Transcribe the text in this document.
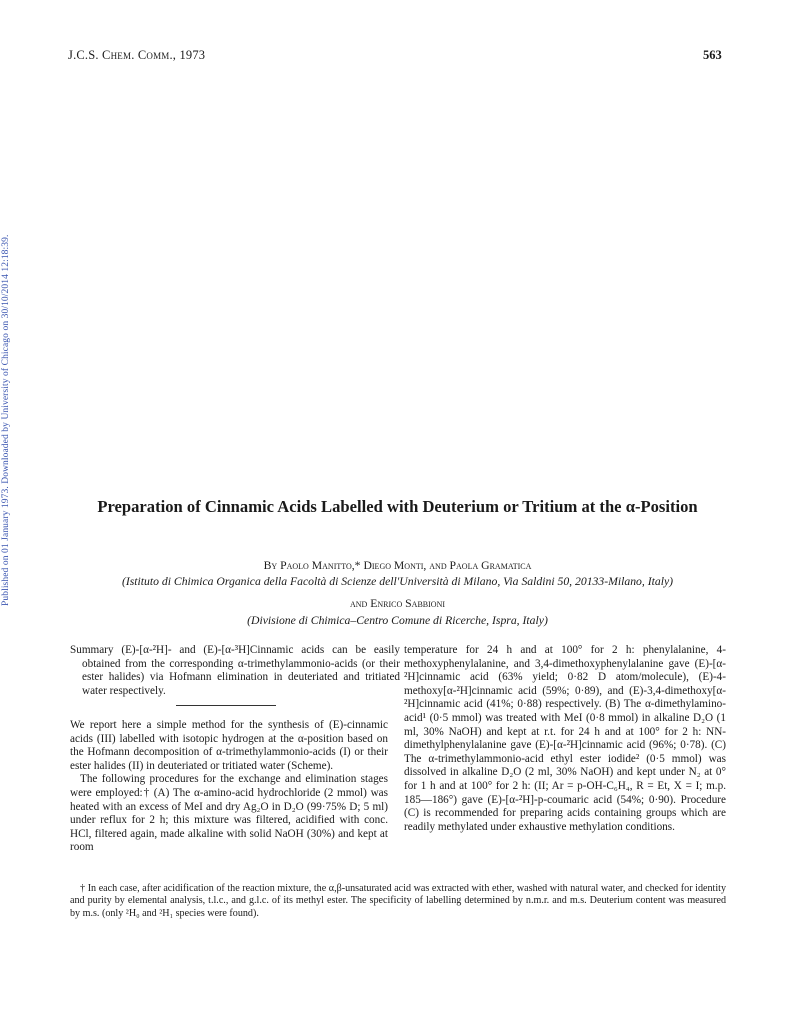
J.C.S. Chem. Comm., 1973	563
Published on 01 January 1973. Downloaded by University of Chicago on 30/10/2014 12:18:39.	Preparation of Cinnamic Acids Labelled with Deuterium or Tritium at the α-Position
By Paolo Manitto,* Diego Monti, and Paola Gramatica
(Istituto di Chimica Organica della Facoltà di Scienze dell'Università di Milano, Via Saldini 50, 20133-Milano, Italy)
and Enrico Sabbioni
(Divisione di Chimica–Centro Comune di Ricerche, Ispra, Italy)
Summary (E)-[α-²H]- and (E)-[α-³H]Cinnamic acids can be easily obtained from the corresponding α-trimethylammonio-acids (or their ester halides) via Hofmann elimination in deuteriated and tritiated water respectively.

We report here a simple method for the synthesis of (E)-cinnamic acids (III) labelled with isotopic hydrogen at the α-position based on the Hofmann decomposition of α-trimethylammonio-acids (I) or their ester halides (II) in deuteriated or tritiated water (Scheme).

The following procedures for the exchange and elimination stages were employed:† (A) The α-amino-acid hydrochloride (2 mmol) was heated with an excess of MeI and dry Ag₂O in D₂O (99·75% D; 5 ml) under reflux for 2 h; this mixture was filtered, acidified with conc. HCl, filtered again, made alkaline with solid NaOH (30%) and kept at room

temperature for 24 h and at 100° for 2 h: phenylalanine, 4-methoxyphenylalanine, and 3,4-dimethoxyphenylalanine gave (E)-[α-²H]cinnamic acid (63% yield; 0·82 D atom/molecule), (E)-4-methoxy[α-²H]cinnamic acid (59%; 0·89), and (E)-3,4-dimethoxy[α-²H]cinnamic acid (41%; 0·88) respectively. (B) The α-dimethylamino-acid¹ (0·5 mmol) was treated with MeI (0·8 mmol) in alkaline D₂O (1 ml, 30% NaOH) and kept at r.t. for 24 h and at 100° for 2 h: NN-dimethylphenylalanine gave (E)-[α-²H]cinnamic acid (96%; 0·78). (C) The α-trimethylammonio-acid ethyl ester iodide² (0·5 mmol) was dissolved in alkaline D₂O (2 ml, 30% NaOH) and kept under N₂ at 0° for 1 h and at 100° for 2 h: (II; Ar = p-OH-C₆H₄, R = Et, X = I; m.p. 185—186°) gave (E)-[α-²H]-p-coumaric acid (54%; 0·90). Procedure (C) is recommended for preparing acids containing groups which are readily methylated under exhaustive methylation conditions.
† In each case, after acidification of the reaction mixture, the α,β-unsaturated acid was extracted with ether, washed with natural water, and checked for identity and purity by elemental analysis, t.l.c., and g.l.c. of its methyl ester. The specificity of labelling determined by n.m.r. and m.s. Deuterium content was measured by m.s. (only ²H₀ and ²H₁ species were found).
